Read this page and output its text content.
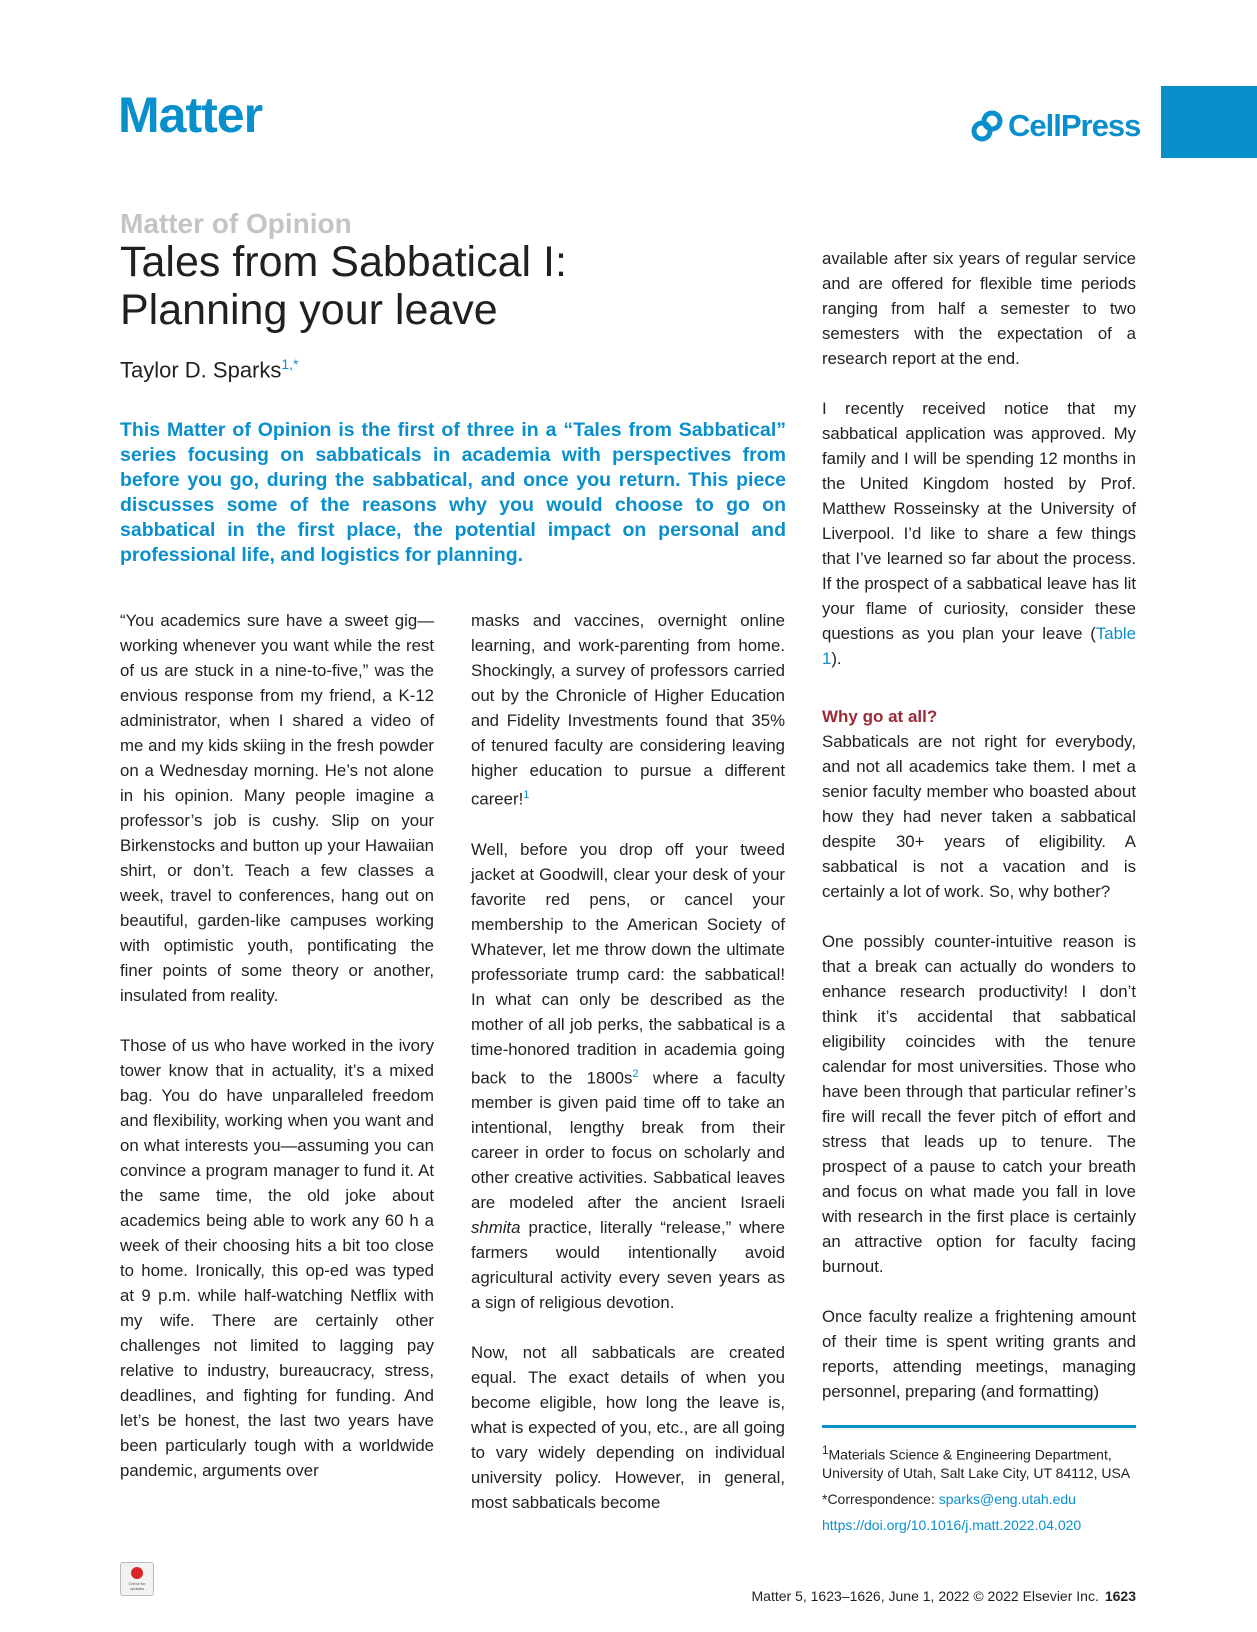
Matter	CellPress
Matter of Opinion
Tales from Sabbatical I:
Planning your leave
Taylor D. Sparks$^{1,*}$
This Matter of Opinion is the first of three in a “Tales from Sabbatical” series focusing on sabbaticals in academia with perspectives from before you go, during the sabbatical, and once you return. This piece discusses some of the reasons why you would choose to go on sabbatical in the first place, the potential impact on personal and professional life, and logistics for planning.

“You academics sure have a sweet gig—working whenever you want while the rest of us are stuck in a nine-to-five,” was the envious response from my friend, a K-12 administrator, when I shared a video of me and my kids skiing in the fresh powder on a Wednesday morning. He’s not alone in his opinion. Many people imagine a professor’s job is cushy. Slip on your Birkenstocks and button up your Hawaiian shirt, or don’t. Teach a few classes a week, travel to conferences, hang out on beautiful, garden-like campuses working with optimistic youth, pontificating the finer points of some theory or another, insulated from reality.

Those of us who have worked in the ivory tower know that in actuality, it’s a mixed bag. You do have unparalleled freedom and flexibility, working when you want and on what interests you—assuming you can convince a program manager to fund it. At the same time, the old joke about academics being able to work any 60 h a week of their choosing hits a bit too close to home. Ironically, this op-ed was typed at 9 p.m. while half-watching Netflix with my wife. There are certainly other challenges not limited to lagging pay relative to industry, bureaucracy, stress, deadlines, and fighting for funding. And let’s be honest, the last two years have been particularly tough with a worldwide pandemic, arguments over

masks and vaccines, overnight online learning, and work-parenting from home. Shockingly, a survey of professors carried out by the Chronicle of Higher Education and Fidelity Investments found that 35% of tenured faculty are considering leaving higher education to pursue a different career!$^1$

Well, before you drop off your tweed jacket at Goodwill, clear your desk of your favorite red pens, or cancel your membership to the American Society of Whatever, let me throw down the ultimate professoriate trump card: the sabbatical! In what can only be described as the mother of all job perks, the sabbatical is a time-honored tradition in academia going back to the 1800s$^2$ where a faculty member is given paid time off to take an intentional, lengthy break from their career in order to focus on scholarly and other creative activities. Sabbatical leaves are modeled after the ancient Israeli shmita practice, literally “release,” where farmers would intentionally avoid agricultural activity every seven years as a sign of religious devotion.

Now, not all sabbaticals are created equal. The exact details of when you become eligible, how long the leave is, what is expected of you, etc., are all going to vary widely depending on individual university policy. However, in general, most sabbaticals become

available after six years of regular service and are offered for flexible time periods ranging from half a semester to two semesters with the expectation of a research report at the end.

I recently received notice that my sabbatical application was approved. My family and I will be spending 12 months in the United Kingdom hosted by Prof. Matthew Rosseinsky at the University of Liverpool. I’d like to share a few things that I’ve learned so far about the process. If the prospect of a sabbatical leave has lit your flame of curiosity, consider these questions as you plan your leave (Table 1).

Why go at all?

Sabbaticals are not right for everybody, and not all academics take them. I met a senior faculty member who boasted about how they had never taken a sabbatical despite 30+ years of eligibility. A sabbatical is not a vacation and is certainly a lot of work. So, why bother?

One possibly counter-intuitive reason is that a break can actually do wonders to enhance research productivity! I don’t think it’s accidental that sabbatical eligibility coincides with the tenure calendar for most universities. Those who have been through that particular refiner’s fire will recall the fever pitch of effort and stress that leads up to tenure. The prospect of a pause to catch your breath and focus on what made you fall in love with research in the first place is certainly an attractive option for faculty facing burnout.

Once faculty realize a frightening amount of their time is spent writing grants and reports, attending meetings, managing personnel, preparing (and formatting)

$^1$Materials Science & Engineering Department, University of Utah, Salt Lake City, UT 84112, USA

*Correspondence: sparks@eng.utah.edu

https://doi.org/10.1016/j.matt.2022.04.020

Check for updates	Matter 5, 1623–1626, June 1, 2022 © 2022 Elsevier Inc. 1623
